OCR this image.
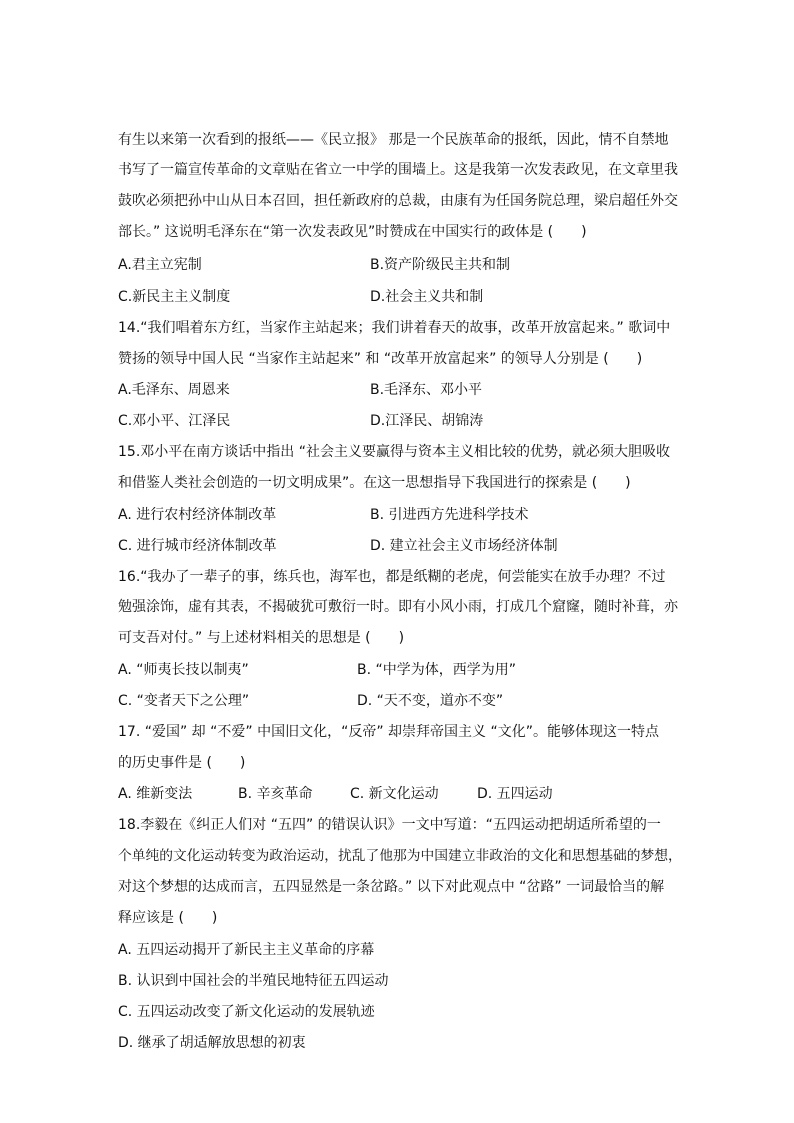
有生以来第一次看到的报纸——《民立报》 那是一个民族革命的报纸，因此，情不自禁地
书写了一篇宣传革命的文章贴在省立一中学的围墙上。这是我第一次发表政见，在文章里我
鼓吹必须把孙中山从日本召回，担任新政府的总裁，由康有为任国务院总理，梁启超任外交
部长。” 这说明毛泽东在“第一次发表政见”时赞成在中国实行的政体是 (　　)
A.君主立宪制	B.资产阶级民主共和制
C.新民主主义制度	D.社会主义共和制
14.“我们唱着东方红，当家作主站起来；我们讲着春天的故事，改革开放富起来。” 歌词中
赞扬的领导中国人民 “当家作主站起来” 和 “改革开放富起来” 的领导人分别是 (　　)
A.毛泽东、周恩来	B.毛泽东、邓小平
C.邓小平、江泽民	D.江泽民、胡锦涛
15.邓小平在南方谈话中指出 “社会主义要赢得与资本主义相比较的优势，就必须大胆吸收
和借鉴人类社会创造的一切文明成果”。在这一思想指导下我国进行的探索是 (　　)
A. 进行农村经济体制改革	B. 引进西方先进科学技术
C. 进行城市经济体制改革	D. 建立社会主义市场经济体制
16.“我办了一辈子的事，练兵也，海军也，都是纸糊的老虎，何尝能实在放手办理？不过
勉强涂饰，虚有其表，不揭破犹可敷衍一时。即有小风小雨，打成几个窟窿，随时补葺，亦
可支吾对付。” 与上述材料相关的思想是 (　　)
A. “师夷长技以制夷”	B. “中学为体，西学为用”
C. “变者天下之公理”	D. “天不变，道亦不变”
17. “爱国” 却 “不爱” 中国旧文化，“反帝” 却崇拜帝国主义 “文化”。能够体现这一特点
的历史事件是 (　　)
A. 维新变法	B. 辛亥革命	C. 新文化运动	D. 五四运动
18.李毅在《纠正人们对 “五四” 的错误认识》一文中写道：“五四运动把胡适所希望的一
个单纯的文化运动转变为政治运动，扰乱了他那为中国建立非政治的文化和思想基础的梦想，
对这个梦想的达成而言，五四显然是一条岔路。” 以下对此观点中 “岔路” 一词最恰当的解
释应该是 (　　)
A. 五四运动揭开了新民主主义革命的序幕
B. 认识到中国社会的半殖民地特征五四运动
C. 五四运动改变了新文化运动的发展轨迹
D. 继承了胡适解放思想的初衷
